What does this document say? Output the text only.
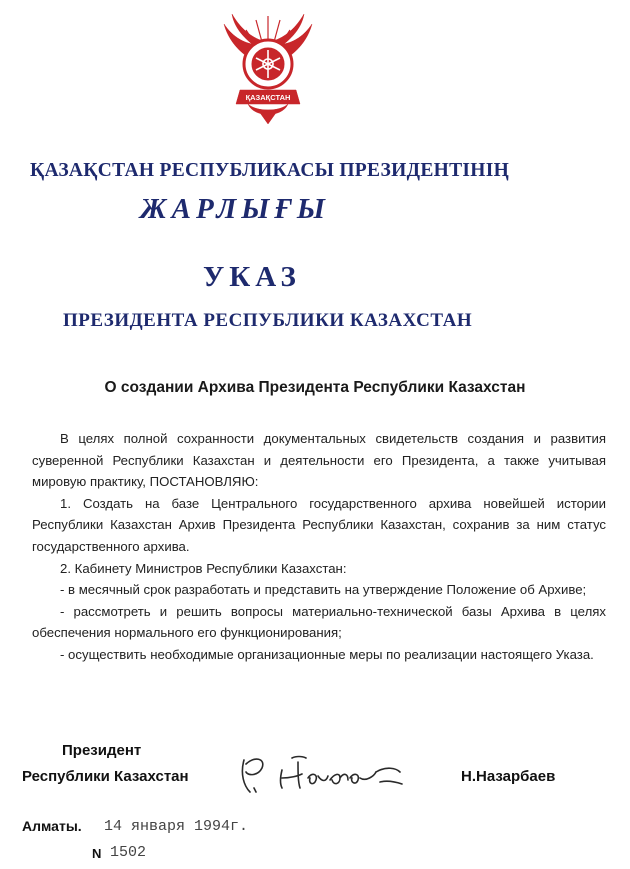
ҚАЗАҚСТАН
ҚАЗАҚСТАН РЕСПУБЛИКАСЫ ПРЕЗИДЕНТІНІҢ
ЖАРЛЫҒЫ
УКАЗ
ПРЕЗИДЕНТА РЕСПУБЛИКИ КАЗАХСТАН
О создании Архива Президента Республики Казахстан

В целях полной сохранности документальных свидетельств создания и развития суверенной Республики Казахстан и деятельности его Президента, а также учитывая мировую практику, ПОСТАНОВЛЯЮ:

1. Создать на базе Центрального государственного архива новейшей истории Республики Казахстан Архив Президента Республики Казахстан, сохранив за ним статус государственного архива.

2. Кабинету Министров Республики Казахстан:

- в месячный срок разработать и представить на утверждение Положение об Архиве;

- рассмотреть и решить вопросы материально-технической базы Архива в целях обеспечения нормального его функционирования;

- осуществить необходимые организационные меры по реализации настоящего Указа.

Президент
Республики Казахстан	Н.Назарбаев
Алматы. 14 января 1994г.
N 1502
